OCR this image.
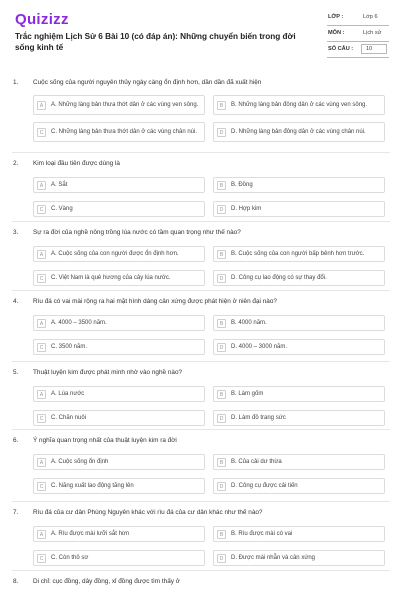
Quizizz
Trắc nghiệm Lịch Sử 6 Bài 10 (có đáp án): Những chuyển biến trong đời sống kinh tế
LỚP :	Lớp 6
MÔN :	Lịch sử
SỐ CÂU :	10
1. Cuộc sống của người nguyên thủy ngày càng ổn định hơn, dần dần đã xuất hiện
A	A. Những làng bản thưa thớt dân ở các vùng ven sông.	B	B. Những làng bản đông dân ở các vùng ven sông.
C	C. Những làng bản thưa thớt dân ở các vùng chân núi.	D	D. Những làng bản đông dân ở các vùng chân núi.
2. Kim loại đầu tiên được dùng là
A	A. Sắt	B	B. Đồng
C	C. Vàng	D	D. Hợp kim
3. Sự ra đời của nghề nông trồng lúa nước có tầm quan trọng như thế nào?
A	A. Cuộc sống của con người được ổn định hơn.	B	B. Cuộc sống của con người bấp bênh hơn trước.
C	C. Việt Nam là quê hương của cây lúa nước.	D	D. Công cụ lao động có sự thay đổi.
4. Rìu đá có vai mài rộng ra hai mặt hình dáng cân xứng được phát hiện ở niên đại nào?
A	A. 4000 – 3500 năm.	B	B. 4000 năm.
C	C. 3500 năm.	D	D. 4000 – 3000 năm.
5. Thuật luyện kim được phát minh nhờ vào nghề nào?
A	A. Lúa nước	B	B. Làm gốm
C	C. Chăn nuôi	D	D. Làm đồ trang sức
6. Ý nghĩa quan trọng nhất của thuật luyện kim ra đời
A	A. Cuộc sống ổn định	B	B. Của cải dư thừa
C	C. Năng xuất lao động tăng lên	D	D. Công cụ được cải tiến
7. Rìu đá của cư dân Phùng Nguyên khác với rìu đá của cư dân khác như thế nào?
A	A. Rìu được mài lưỡi sắt hơn	B	B. Rìu được mài có vai
C	C. Còn thô sơ	D	D. Được mài nhẵn và cân xứng
8. Di chỉ: cục đồng, dây đồng, xỉ đồng được tìm thấy ở
